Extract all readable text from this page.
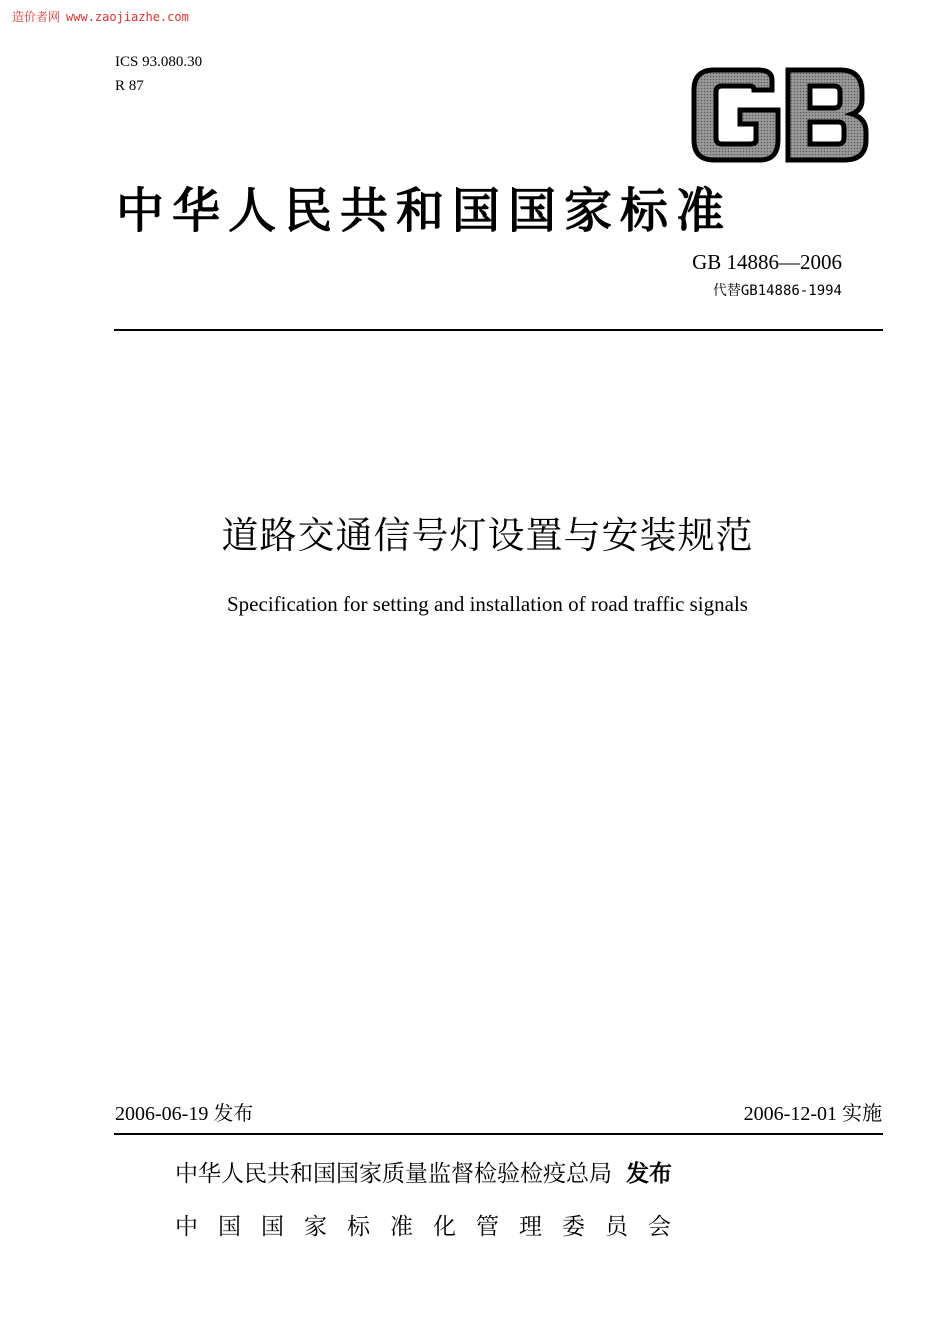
造价者网 www.zaojiazhe.com
ICS 93.080.30
R 87
中华人民共和国国家标准
GB 14886—2006
代替GB14886-1994
道路交通信号灯设置与安装规范
Specification for setting and installation of road traffic signals
2006-06-19 发布	2006-12-01 实施
中华人民共和国国家质量监督检验检疫总局 发布
中国国家标准化管理委员会
